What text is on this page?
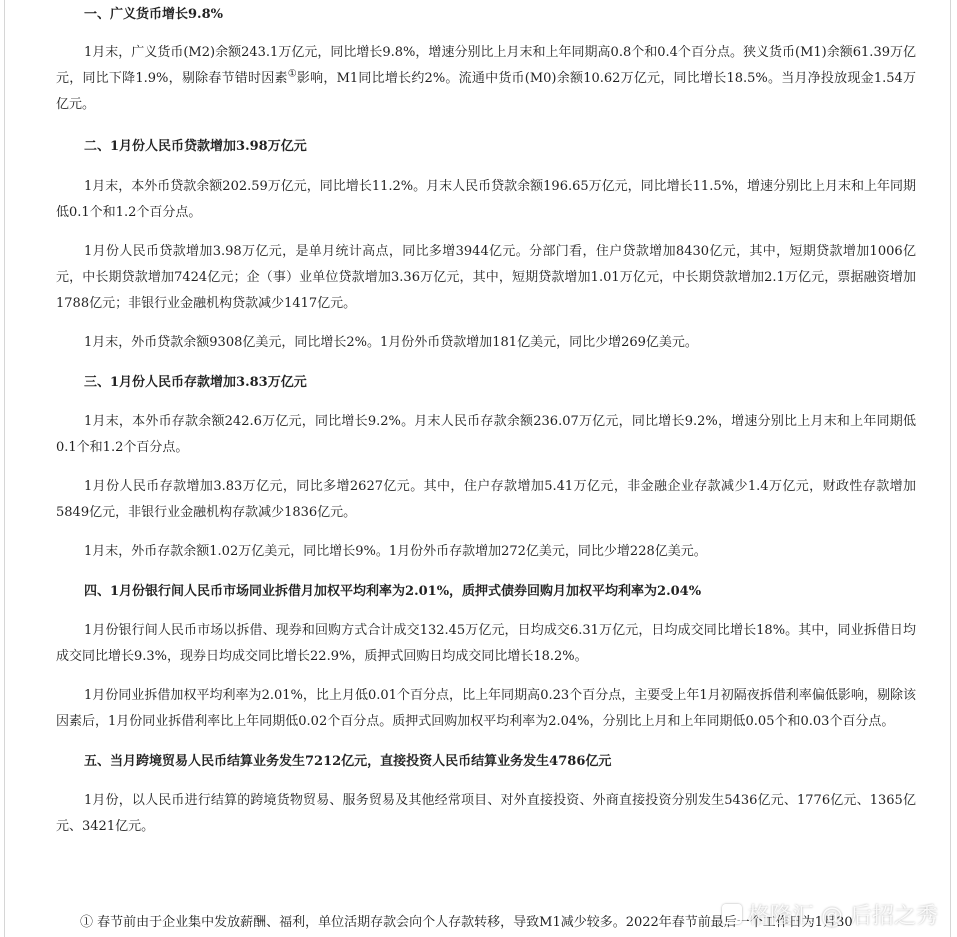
一、广义货币增长9.8%

1月末，广义货币(M2)余额243.1万亿元，同比增长9.8%，增速分别比上月末和上年同期高0.8个和0.4个百分点。狭义货币(M1)余额61.39万亿元，同比下降1.9%，剔除春节错时因素①影响，M1同比增长约2%。流通中货币(M0)余额10.62万亿元，同比增长18.5%。当月净投放现金1.54万亿元。

二、1月份人民币贷款增加3.98万亿元

1月末，本外币贷款余额202.59万亿元，同比增长11.2%。月末人民币贷款余额196.65万亿元，同比增长11.5%，增速分别比上月末和上年同期低0.1个和1.2个百分点。

1月份人民币贷款增加3.98万亿元，是单月统计高点，同比多增3944亿元。分部门看，住户贷款增加8430亿元，其中，短期贷款增加1006亿元，中长期贷款增加7424亿元；企（事）业单位贷款增加3.36万亿元，其中，短期贷款增加1.01万亿元，中长期贷款增加2.1万亿元，票据融资增加1788亿元；非银行业金融机构贷款减少1417亿元。

1月末，外币贷款余额9308亿美元，同比增长2%。1月份外币贷款增加181亿美元，同比少增269亿美元。

三、1月份人民币存款增加3.83万亿元

1月末，本外币存款余额242.6万亿元，同比增长9.2%。月末人民币存款余额236.07万亿元，同比增长9.2%，增速分别比上月末和上年同期低0.1个和1.2个百分点。

1月份人民币存款增加3.83万亿元，同比多增2627亿元。其中，住户存款增加5.41万亿元，非金融企业存款减少1.4万亿元，财政性存款增加5849亿元，非银行业金融机构存款减少1836亿元。

1月末，外币存款余额1.02万亿美元，同比增长9%。1月份外币存款增加272亿美元，同比少增228亿美元。

四、1月份银行间人民币市场同业拆借月加权平均利率为2.01%，质押式债券回购月加权平均利率为2.04%

1月份银行间人民币市场以拆借、现券和回购方式合计成交132.45万亿元，日均成交6.31万亿元，日均成交同比增长18%。其中，同业拆借日均成交同比增长9.3%，现券日均成交同比增长22.9%，质押式回购日均成交同比增长18.2%。

1月份同业拆借加权平均利率为2.01%，比上月低0.01个百分点，比上年同期高0.23个百分点，主要受上年1月初隔夜拆借利率偏低影响，剔除该因素后，1月份同业拆借利率比上年同期低0.02个百分点。质押式回购加权平均利率为2.04%，分别比上月和上年同期低0.05个和0.03个百分点。

五、当月跨境贸易人民币结算业务发生7212亿元，直接投资人民币结算业务发生4786亿元

1月份，以人民币进行结算的跨境货物贸易、服务贸易及其他经常项目、对外直接投资、外商直接投资分别发生5436亿元、1776亿元、1365亿元、3421亿元。

① 春节前由于企业集中发放薪酬、福利，单位活期存款会向个人存款转移，导致M1减少较多。2022年春节前最后一个工作日为1月30
格隆汇 @ 后招之秀
